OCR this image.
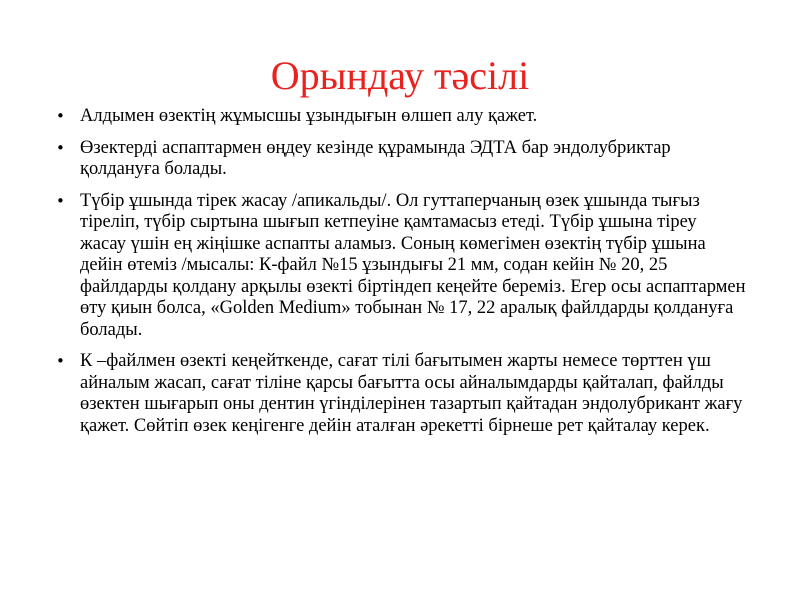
Орындау тәсілі
• Алдымен өзектің жұмысшы ұзындығын өлшеп алу қажет.
• Өзектерді аспаптармен өңдеу кезінде құрамында ЭДТА бар эндолубриктар қолдануға болады.
• Түбір ұшында тірек жасау /апикальды/. Ол гуттаперчаның өзек ұшында тығыз тіреліп, түбір сыртына шығып кетпеуіне қамтамасыз етеді. Түбір ұшына тіреу жасау үшін ең жіңішке аспапты аламыз. Соның көмегімен өзектің түбір ұшына дейін өтеміз /мысалы: К-файл №15 ұзындығы 21 мм, содан кейін № 20, 25 файлдарды қолдану арқылы өзекті біртіндеп кеңейте береміз. Егер осы аспаптармен өту қиын болса, «Golden Medium» тобынан № 17, 22 аралық файлдарды қолдануға болады.
• К –файлмен өзекті кеңейткенде, сағат тілі бағытымен жарты немесе төрттен үш айналым жасап, сағат тіліне қарсы бағытта осы айналымдарды қайталап, файлды өзектен шығарып оны дентин үгінділерінен тазартып қайтадан эндолубрикант жағу қажет. Сөйтіп өзек кеңігенге дейін аталған әрекетті бірнеше рет қайталау керек.
